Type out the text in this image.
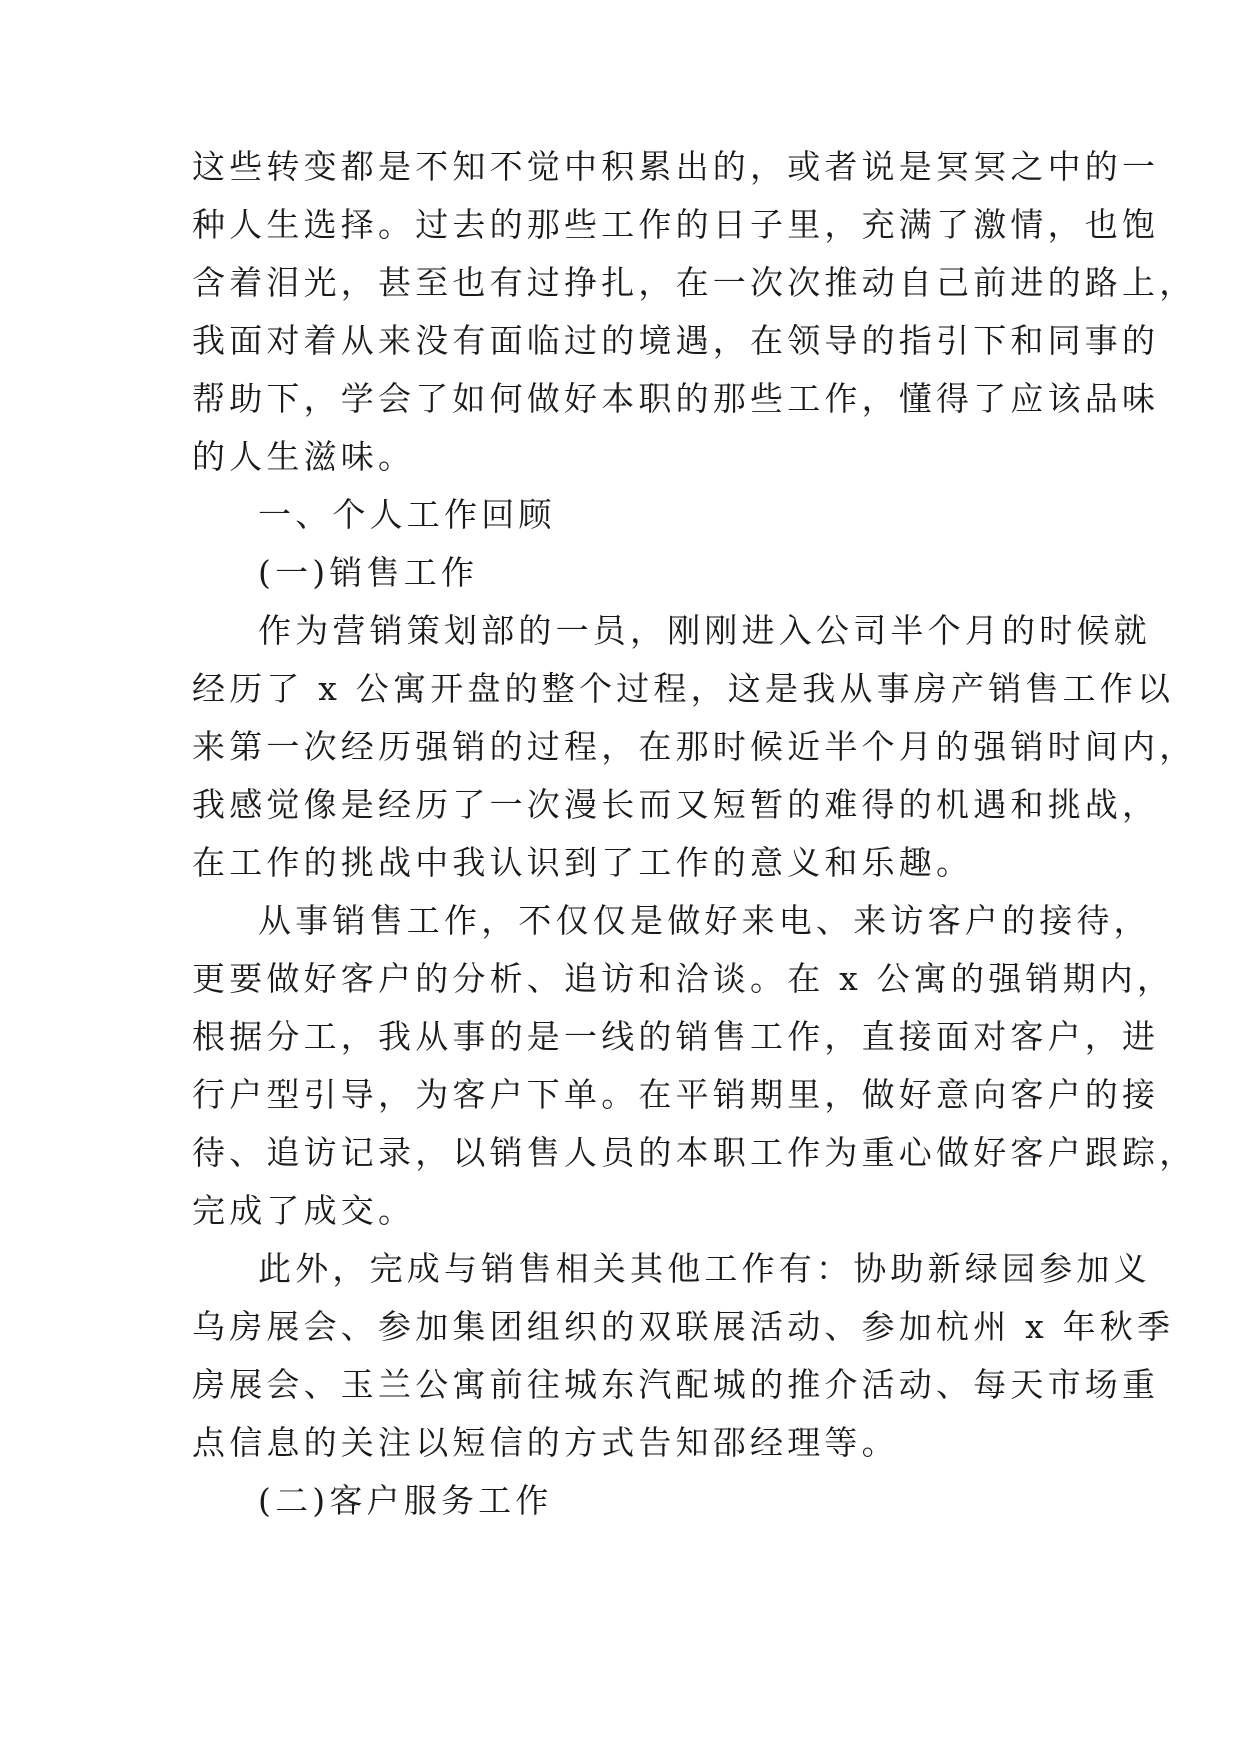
这些转变都是不知不觉中积累出的，或者说是冥冥之中的一
种人生选择。过去的那些工作的日子里，充满了激情，也饱
含着泪光，甚至也有过挣扎，在一次次推动自己前进的路上，
我面对着从来没有面临过的境遇，在领导的指引下和同事的
帮助下，学会了如何做好本职的那些工作，懂得了应该品味
的人生滋味。
一、个人工作回顾
(一)销售工作
作为营销策划部的一员，刚刚进入公司半个月的时候就
经历了 x 公寓开盘的整个过程，这是我从事房产销售工作以
来第一次经历强销的过程，在那时候近半个月的强销时间内，
我感觉像是经历了一次漫长而又短暂的难得的机遇和挑战，
在工作的挑战中我认识到了工作的意义和乐趣。
从事销售工作，不仅仅是做好来电、来访客户的接待，
更要做好客户的分析、追访和洽谈。在 x 公寓的强销期内，
根据分工，我从事的是一线的销售工作，直接面对客户，进
行户型引导，为客户下单。在平销期里，做好意向客户的接
待、追访记录，以销售人员的本职工作为重心做好客户跟踪，
完成了成交。
此外，完成与销售相关其他工作有：协助新绿园参加义
乌房展会、参加集团组织的双联展活动、参加杭州 x 年秋季
房展会、玉兰公寓前往城东汽配城的推介活动、每天市场重
点信息的关注以短信的方式告知邵经理等。
(二)客户服务工作
